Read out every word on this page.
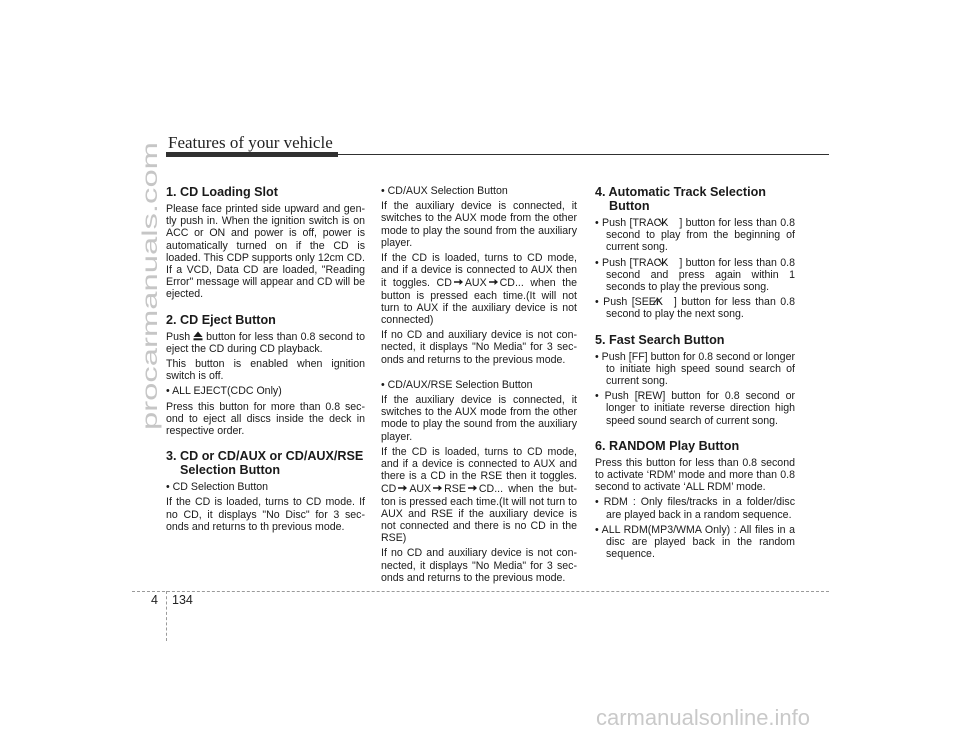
procarmanuals.com
Features of your vehicle
1. CD Loading Slot

Please face printed side upward and gen-tly push in. When the ignition switch is on ACC or ON and power is off, power is automatically turned on if the CD is loaded. This CDP supports only 12cm CD. If a VCD, Data CD are loaded, "Reading Error" message will appear and CD will be ejected.

2. CD Eject Button

Push button for less than 0.8 second to eject the CD during CD playback.

This button is enabled when ignition switch is off.

• ALL EJECT(CDC Only)

Press this button for more than 0.8 sec-ond to eject all discs inside the deck in respective order.

3. CD or CD/AUX or CD/AUX/RSE
Selection Button
• CD Selection Button

If the CD is loaded, turns to CD mode. If no CD, it displays "No Disc" for 3 sec-onds and returns to th previous mode.

• CD/AUX Selection Button

If the auxiliary device is connected, it switches to the AUX mode from the other mode to play the sound from the auxiliary player.

If the CD is loaded, turns to CD mode, and if a device is connected to AUX then it toggles. CD AUX CD... when the button is pressed each time.(It will not turn to AUX if the auxiliary device is not connected)

If no CD and auxiliary device is not con-nected, it displays "No Media" for 3 sec-onds and returns to the previous mode.

• CD/AUX/RSE Selection Button

If the auxiliary device is connected, it switches to the AUX mode from the other mode to play the sound from the auxiliary player.

If the CD is loaded, turns to CD mode, and if a device is connected to AUX and there is a CD in the RSE then it toggles. CD AUX RSE CD... when the but-ton is pressed each time.(It will not turn to AUX and RSE if the auxiliary device is not connected and there is no CD in the RSE)

If no CD and auxiliary device is not con-nected, it displays "No Media" for 3 sec-onds and returns to the previous mode.

4. Automatic Track Selection
Button
• Push [TRACK ] button for less than 0.8 second to play from the beginning of current song.
• Push [TRACK ] button for less than 0.8 second and press again within 1 seconds to play the previous song.
• Push [SEEK ] button for less than 0.8 second to play the next song.
5. Fast Search Button
• Push [FF] button for 0.8 second or longer to initiate high speed sound search of current song.
• Push [REW] button for 0.8 second or longer to initiate reverse direction high speed sound search of current song.
6. RANDOM Play Button

Press this button for less than 0.8 second to activate ‘RDM’ mode and more than 0.8 second to activate ‘ALL RDM’ mode.

• RDM : Only files/tracks in a folder/disc are played back in a random sequence.
• ALL RDM(MP3/WMA Only) : All files in a disc are played back in the random sequence.
4 134
carmanualsonline.info
